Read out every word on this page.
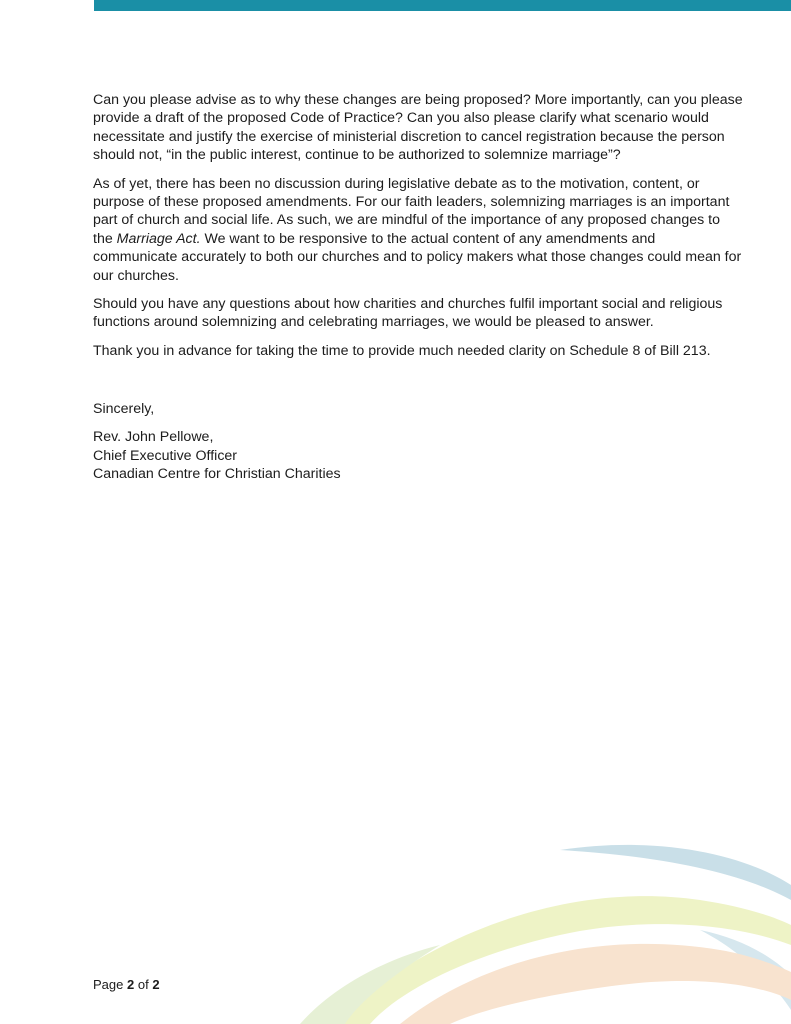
Can you please advise as to why these changes are being proposed? More importantly, can you please provide a draft of the proposed Code of Practice? Can you also please clarify what scenario would necessitate and justify the exercise of ministerial discretion to cancel registration because the person should not, “in the public interest, continue to be authorized to solemnize marriage”?

As of yet, there has been no discussion during legislative debate as to the motivation, content, or purpose of these proposed amendments. For our faith leaders, solemnizing marriages is an important part of church and social life. As such, we are mindful of the importance of any proposed changes to the Marriage Act. We want to be responsive to the actual content of any amendments and communicate accurately to both our churches and to policy makers what those changes could mean for our churches.

Should you have any questions about how charities and churches fulfil important social and religious functions around solemnizing and celebrating marriages, we would be pleased to answer.

Thank you in advance for taking the time to provide much needed clarity on Schedule 8 of Bill 213.

Sincerely,

Rev. John Pellowe,
Chief Executive Officer
Canadian Centre for Christian Charities
Page 2 of 2
